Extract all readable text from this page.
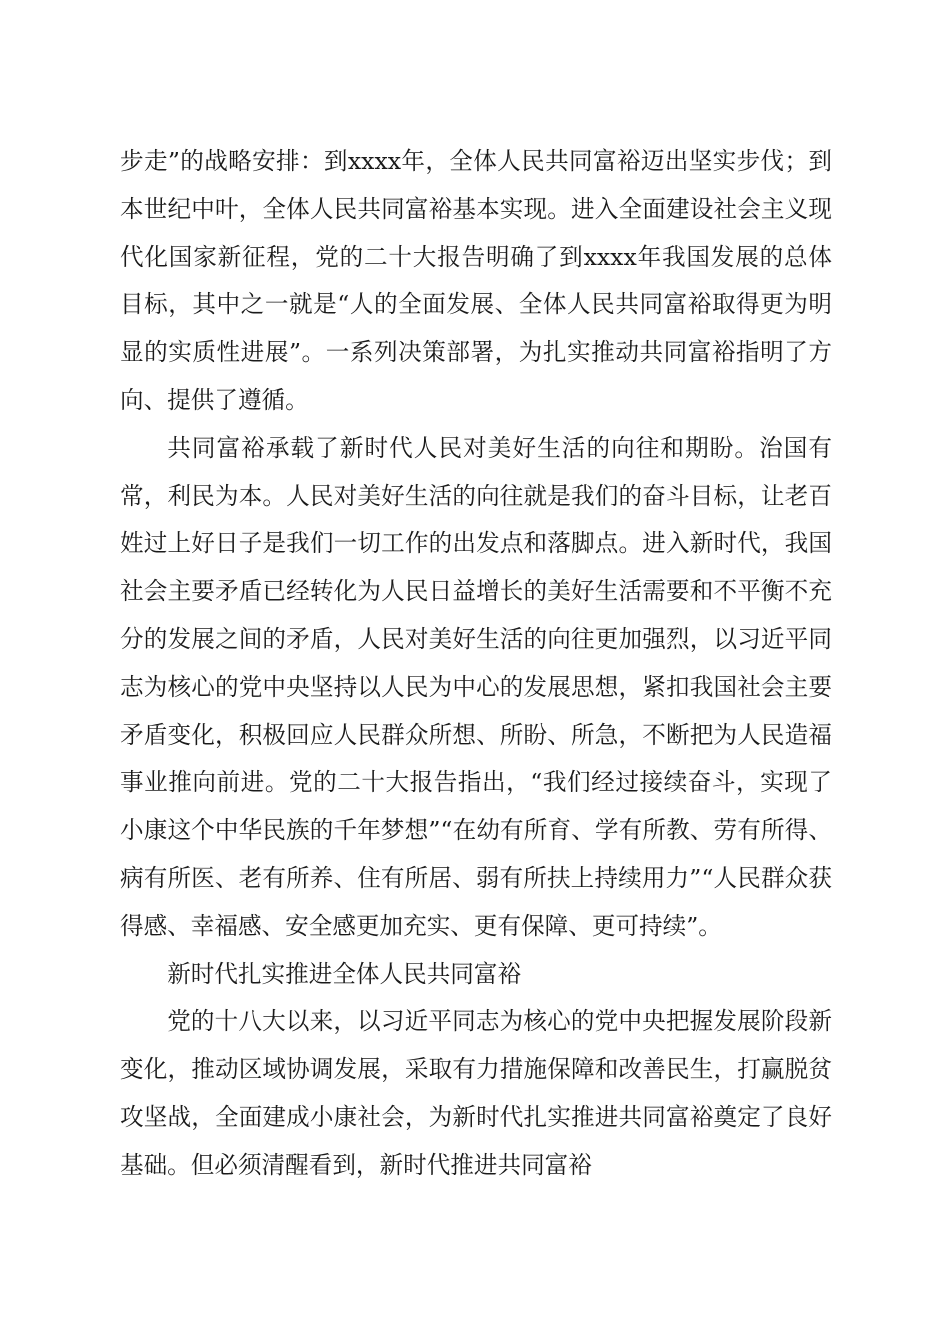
步走”的战略安排：到xxxx年，全体人民共同富裕迈出坚实步伐；到本世纪中叶，全体人民共同富裕基本实现。进入全面建设社会主义现代化国家新征程，党的二十大报告明确了到xxxx年我国发展的总体目标，其中之一就是“人的全面发展、全体人民共同富裕取得更为明显的实质性进展”。一系列决策部署，为扎实推动共同富裕指明了方向、提供了遵循。

共同富裕承载了新时代人民对美好生活的向往和期盼。治国有常，利民为本。人民对美好生活的向往就是我们的奋斗目标，让老百姓过上好日子是我们一切工作的出发点和落脚点。进入新时代，我国社会主要矛盾已经转化为人民日益增长的美好生活需要和不平衡不充分的发展之间的矛盾，人民对美好生活的向往更加强烈，以习近平同志为核心的党中央坚持以人民为中心的发展思想，紧扣我国社会主要矛盾变化，积极回应人民群众所想、所盼、所急，不断把为人民造福事业推向前进。党的二十大报告指出，“我们经过接续奋斗，实现了小康这个中华民族的千年梦想”“在幼有所育、学有所教、劳有所得、病有所医、老有所养、住有所居、弱有所扶上持续用力”“人民群众获得感、幸福感、安全感更加充实、更有保障、更可持续”。

新时代扎实推进全体人民共同富裕

党的十八大以来，以习近平同志为核心的党中央把握发展阶段新变化，推动区域协调发展，采取有力措施保障和改善民生，打赢脱贫攻坚战，全面建成小康社会，为新时代扎实推进共同富裕奠定了良好基础。但必须清醒看到，新时代推进共同富裕
